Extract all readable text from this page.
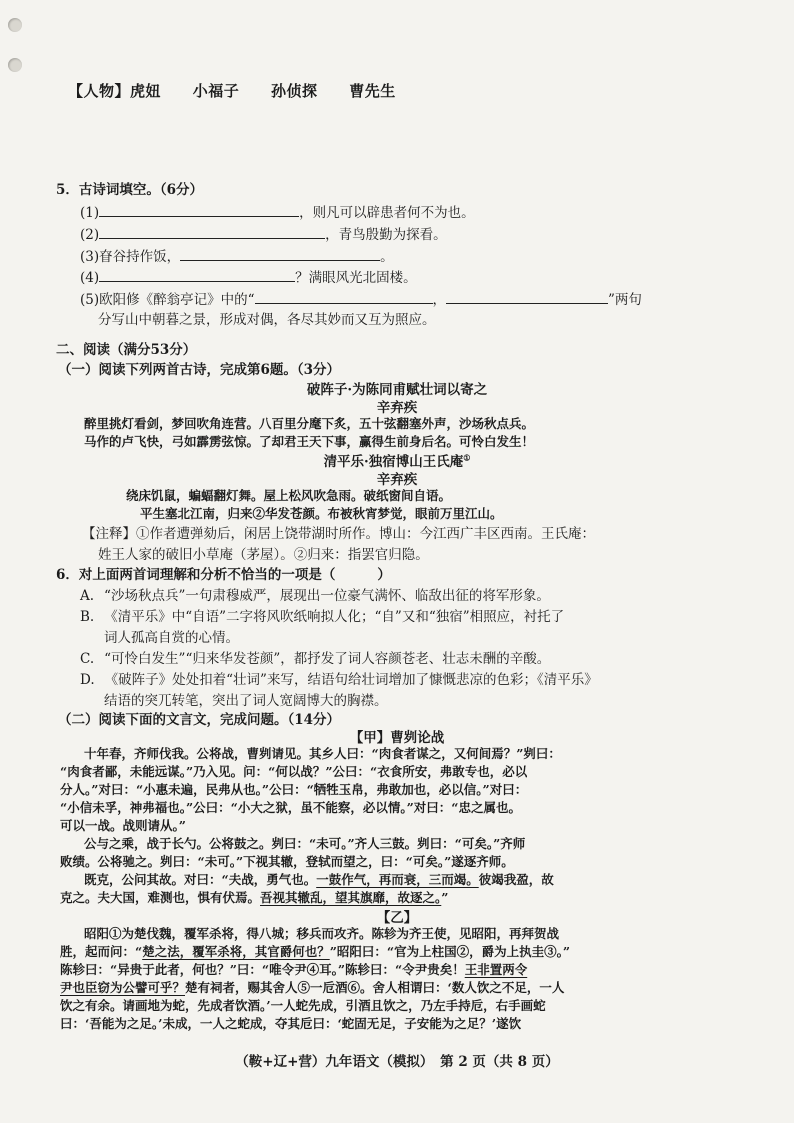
【人物】虎妞 小福子 孙侦探 曹先生
5．古诗词填空。（6分）
(1)	，则凡可以辟患者何不为也。
(2)	，青鸟殷勤为探看。
(3)眘谷持作饭，	。
(4)	？满眼风光北固楼。
(5)欧阳修《醉翁亭记》中的“	，	”两句
分写山中朝暮之景，形成对偶，各尽其妙而又互为照应。
二、阅读（满分53分）
（一）阅读下列两首古诗，完成第6题。（3分）
破阵子·为陈同甫赋壮词以寄之
辛弃疾
醉里挑灯看剑，梦回吹角连营。八百里分麾下炙，五十弦翻塞外声，沙场秋点兵。
马作的卢飞快，弓如霹雳弦惊。了却君王天下事，赢得生前身后名。可怜白发生！
清平乐·独宿博山王氏庵①
辛弃疾
绕床饥鼠，蝙蝠翻灯舞。屋上松风吹急雨。破纸窗间自语。
平生塞北江南，归来②华发苍颜。布被秋宵梦觉，眼前万里江山。
【注释】①作者遭弹劾后，闲居上饶带湖时所作。博山：今江西广丰区西南。王氏庵：
姓王人家的破旧小草庵（茅屋）。②归来：指罢官归隐。
6．对上面两首词理解和分析不恰当的一项是（	）
A. “沙场秋点兵”一句肃穆威严，展现出一位豪气满怀、临敌出征的将军形象。
B. 《清平乐》中“自语”二字将风吹纸响拟人化；“自”又和“独宿”相照应，衬托了
词人孤高自赏的心情。
C. “可怜白发生”“归来华发苍颜”，都抒发了词人容颜苍老、壮志未酬的辛酸。
D. 《破阵子》处处扣着“壮词”来写，结语句给壮词增加了慷慨悲凉的色彩；《清平乐》
结语的突兀转笔，突出了词人宽阔博大的胸襟。
（二）阅读下面的文言文，完成问题。（14分）
【甲】曹刿论战
十年春，齐师伐我。公将战，曹刿请见。其乡人曰：“肉食者谋之，又何间焉？”刿曰：
“肉食者鄙，未能远谋。”乃入见。问：“何以战？”公曰：“衣食所安，弗敢专也，必以
分人。”对曰：“小惠未遍，民弗从也。”公曰：“牺牲玉帛，弗敢加也，必以信。”对曰：
“小信未孚，神弗福也。”公曰：“小大之狱，虽不能察，必以情。”对曰：“忠之属也。
可以一战。战则请从。”
公与之乘，战于长勺。公将鼓之。刿曰：“未可。”齐人三鼓。刿曰：“可矣。”齐师
败绩。公将驰之。刿曰：“未可。”下视其辙，登轼而望之，曰：“可矣。”遂逐齐师。
既克，公问其故。对曰：“夫战，勇气也。一鼓作气，再而衰，三而竭。彼竭我盈，故
克之。夫大国，难测也，惧有伏焉。吾视其辙乱，望其旗靡，故逐之。”
【乙】
昭阳①为楚伐魏，覆军杀将，得八城；移兵而攻齐。陈轸为齐王使，见昭阳，再拜贺战
胜，起而问：“楚之法，覆军杀将，其官爵何也？”昭阳曰：“官为上柱国②，爵为上执圭③。”
陈轸曰：“异贵于此者，何也？”曰：“唯令尹④耳。”陈轸曰：“令尹贵矣！王非置两令
尹也臣窃为公譬可乎？楚有祠者，赐其舍人⑤一卮酒⑥。舍人相谓曰：‘数人饮之不足，一人
饮之有余。请画地为蛇，先成者饮酒。’一人蛇先成，引酒且饮之，乃左手持卮，右手画蛇
曰：‘吾能为之足。’未成，一人之蛇成，夺其卮曰：‘蛇固无足，子安能为之足？’遂饮
（鞍+辽+营）九年语文（模拟）　第 2 页（共 8 页）
